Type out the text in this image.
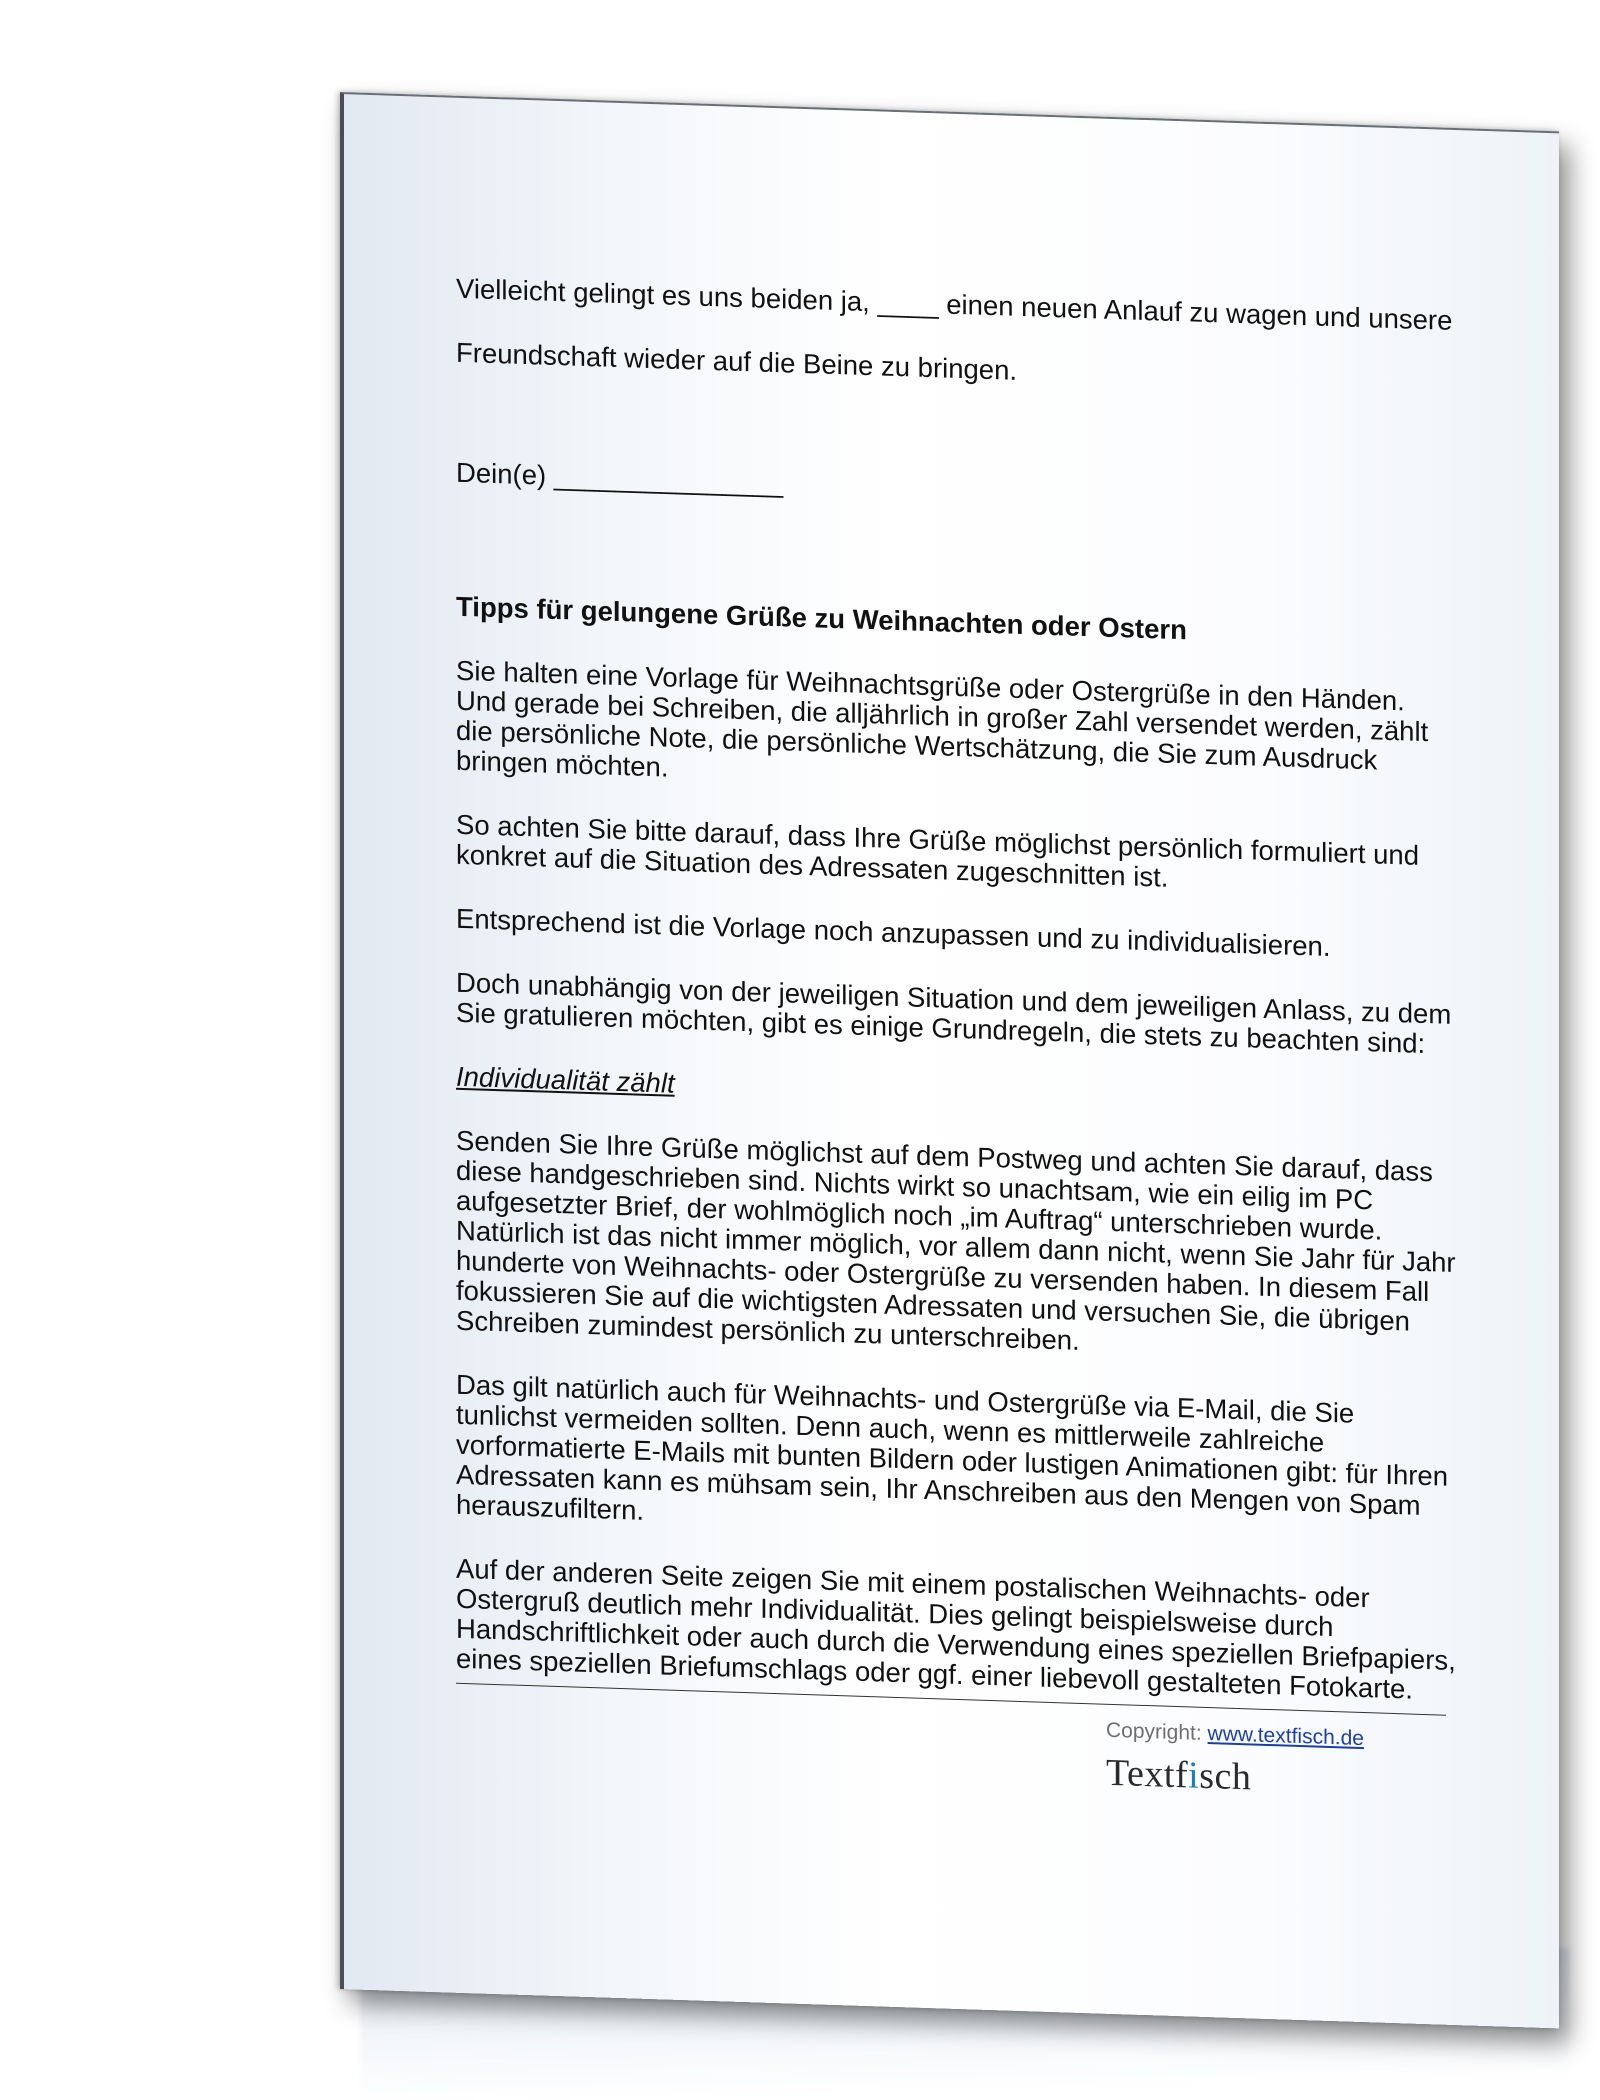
Vielleicht gelingt es uns beiden ja, ____ einen neuen Anlauf zu wagen und unsere

Freundschaft wieder auf die Beine zu bringen.

Dein(e) _______________

Tipps für gelungene Grüße zu Weihnachten oder Ostern

Sie halten eine Vorlage für Weihnachtsgrüße oder Ostergrüße in den Händen. Und gerade bei Schreiben, die alljährlich in großer Zahl versendet werden, zählt die persönliche Note, die persönliche Wertschätzung, die Sie zum Ausdruck bringen möchten.

So achten Sie bitte darauf, dass Ihre Grüße möglichst persönlich formuliert und konkret auf die Situation des Adressaten zugeschnitten ist.

Entsprechend ist die Vorlage noch anzupassen und zu individualisieren.

Doch unabhängig von der jeweiligen Situation und dem jeweiligen Anlass, zu dem Sie gratulieren möchten, gibt es einige Grundregeln, die stets zu beachten sind:

Individualität zählt

Senden Sie Ihre Grüße möglichst auf dem Postweg und achten Sie darauf, dass diese handgeschrieben sind. Nichts wirkt so unachtsam, wie ein eilig im PC aufgesetzter Brief, der wohlmöglich noch „im Auftrag“ unterschrieben wurde. Natürlich ist das nicht immer möglich, vor allem dann nicht, wenn Sie Jahr für Jahr hunderte von Weihnachts- oder Ostergrüße zu versenden haben. In diesem Fall fokussieren Sie auf die wichtigsten Adressaten und versuchen Sie, die übrigen Schreiben zumindest persönlich zu unterschreiben.

Das gilt natürlich auch für Weihnachts- und Ostergrüße via E-Mail, die Sie tunlichst vermeiden sollten. Denn auch, wenn es mittlerweile zahlreiche vorformatierte E-Mails mit bunten Bildern oder lustigen Animationen gibt: für Ihren Adressaten kann es mühsam sein, Ihr Anschreiben aus den Mengen von Spam herauszufiltern.

Auf der anderen Seite zeigen Sie mit einem postalischen Weihnachts- oder Ostergruß deutlich mehr Individualität. Dies gelingt beispielsweise durch Handschriftlichkeit oder auch durch die Verwendung eines speziellen Briefpapiers, eines speziellen Briefumschlags oder ggf. einer liebevoll gestalteten Fotokarte.

Copyright: www.textfisch.de
Textfisch
